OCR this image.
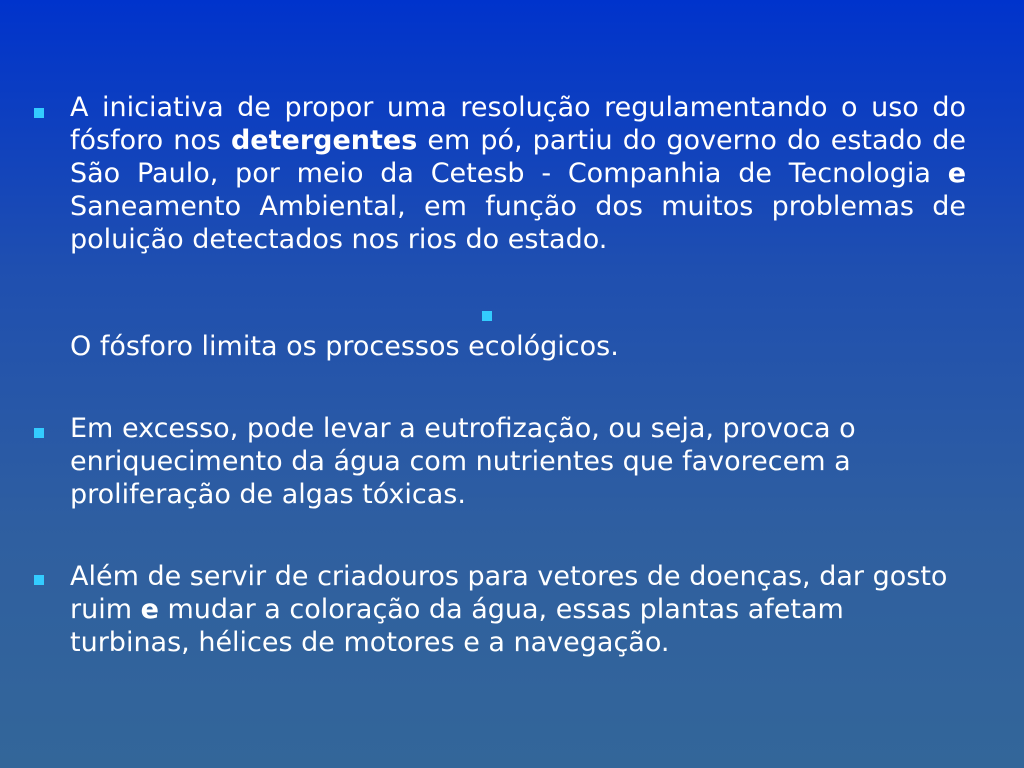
A iniciativa de propor uma resolução regulamentando o uso do fósforo nos detergentes em pó, partiu do governo do estado de São Paulo, por meio da Cetesb - Companhia de Tecnologia e Saneamento Ambiental, em função dos muitos problemas de poluição detectados nos rios do estado.

O fósforo limita os processos ecológicos.

Em excesso, pode levar a eutrofização, ou seja, provoca o enriquecimento da água com nutrientes que favorecem a proliferação de algas tóxicas.

Além de servir de criadouros para vetores de doenças, dar gosto ruim e mudar a coloração da água, essas plantas afetam turbinas, hélices de motores e a navegação.
